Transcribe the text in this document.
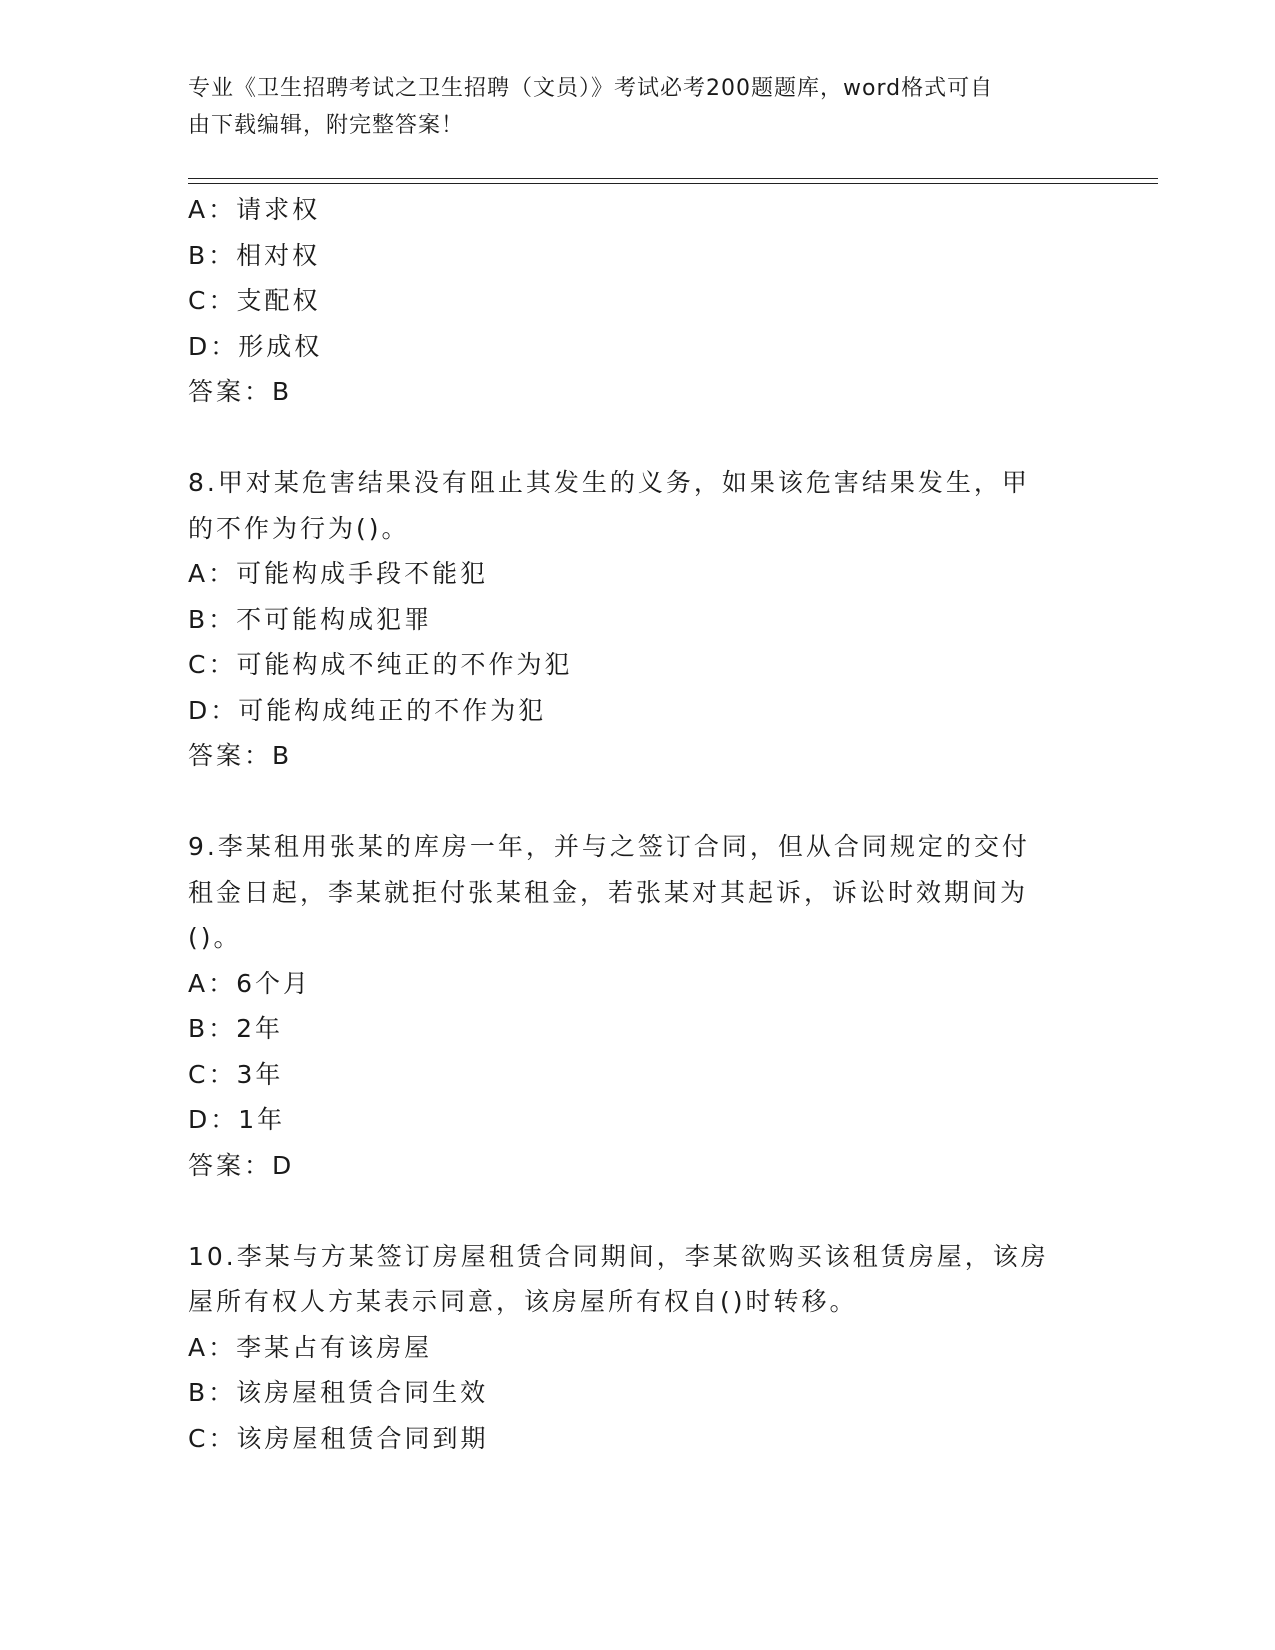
专业《卫生招聘考试之卫生招聘（文员）》考试必考200题题库，word格式可自
由下载编辑，附完整答案！
A：请求权
B：相对权
C：支配权
D：形成权
答案：B
8.甲对某危害结果没有阻止其发生的义务，如果该危害结果发生，甲
的不作为行为()。
A：可能构成手段不能犯
B：不可能构成犯罪
C：可能构成不纯正的不作为犯
D：可能构成纯正的不作为犯
答案：B
9.李某租用张某的库房一年，并与之签订合同，但从合同规定的交付
租金日起，李某就拒付张某租金，若张某对其起诉，诉讼时效期间为
()。
A：6个月
B：2年
C：3年
D：1年
答案：D
10.李某与方某签订房屋租赁合同期间，李某欲购买该租赁房屋，该房
屋所有权人方某表示同意，该房屋所有权自()时转移。
A：李某占有该房屋
B：该房屋租赁合同生效
C：该房屋租赁合同到期
